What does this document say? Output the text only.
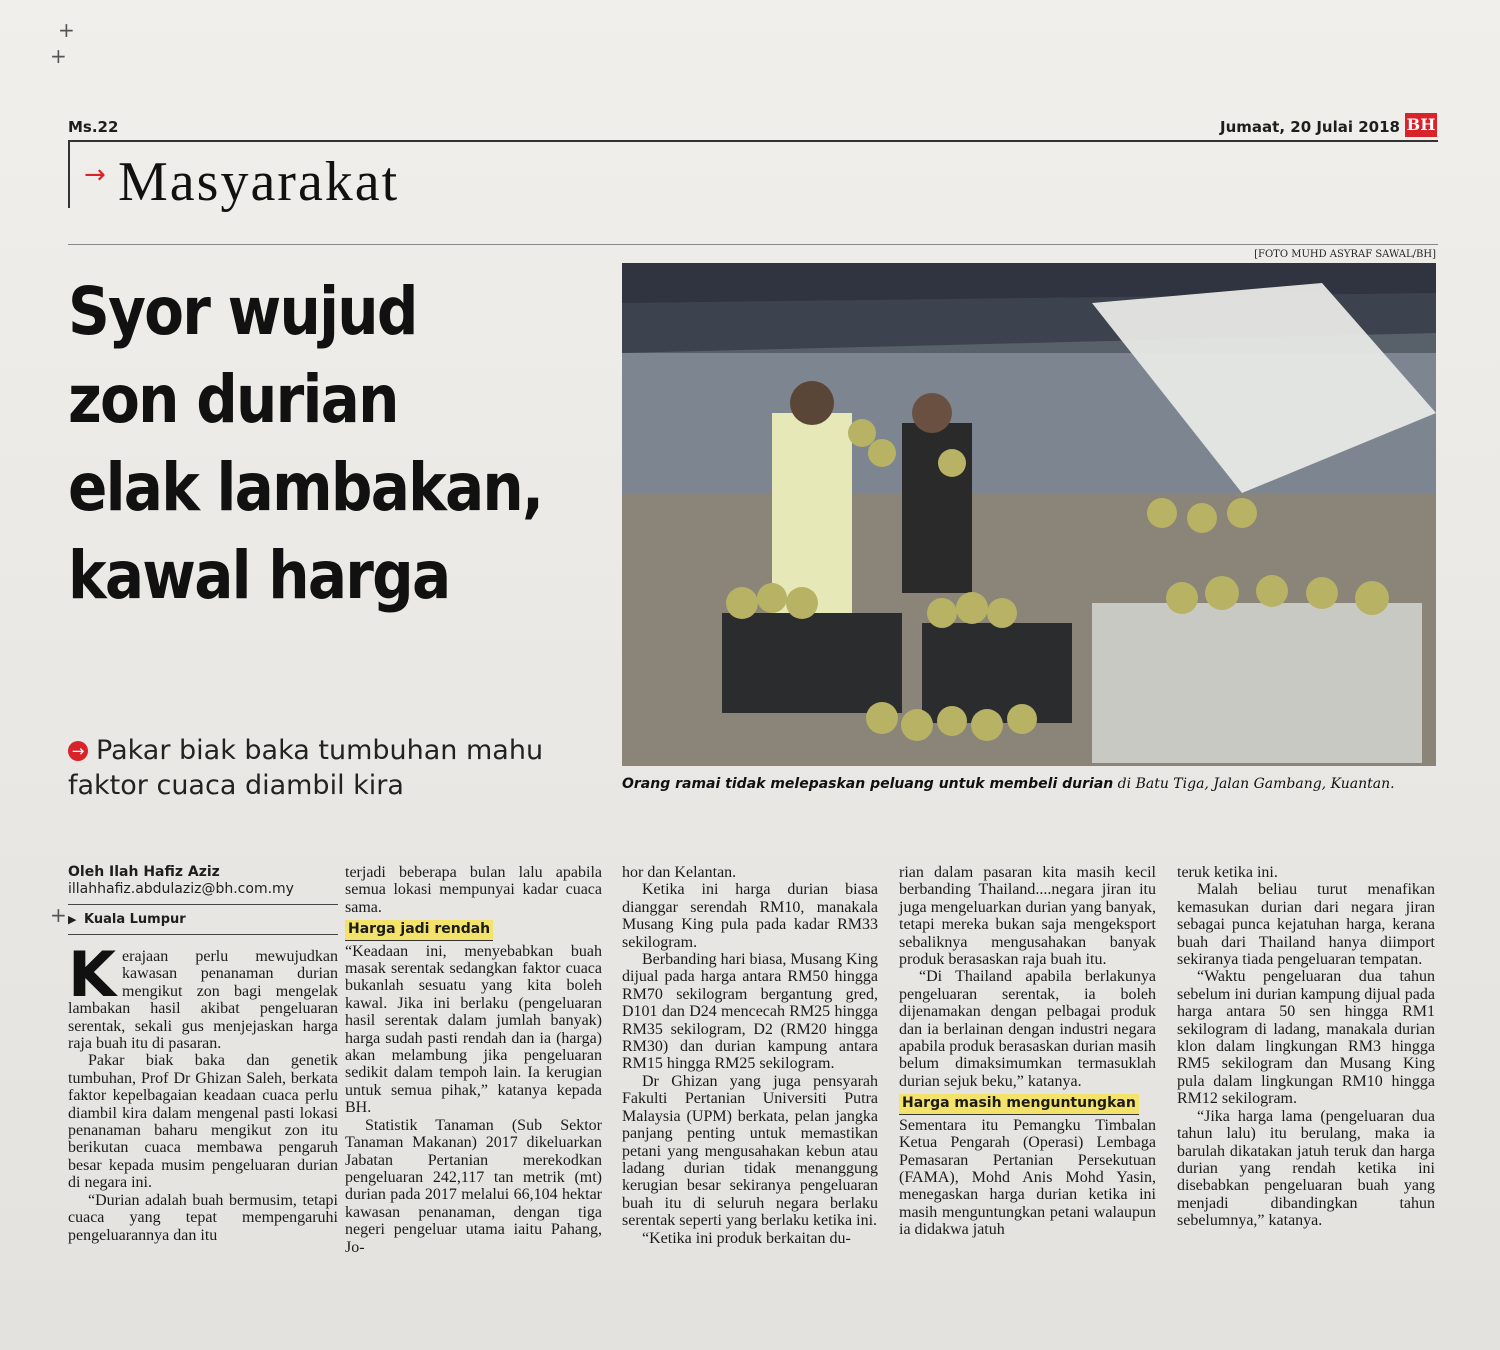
+
+
+
Ms.22	Jumaat, 20 Julai 2018 BH
→ Masyarakat
Syor wujud zon durian elak lambakan, kawal harga
[FOTO MUHD ASYRAF SAWAL/BH]
Orang ramai tidak melepaskan peluang untuk membeli durian di Batu Tiga, Jalan Gambang, Kuantan.
→ Pakar biak baka tumbuhan mahu faktor cuaca diambil kira
Oleh Ilah Hafiz Aziz
illahhafiz.abdulaziz@bh.com.my
▶ Kuala Lumpur

Kerajaan perlu mewujudkan kawasan penanaman durian mengikut zon bagi mengelak lambakan hasil akibat pengeluaran serentak, sekali gus menjejaskan harga raja buah itu di pasaran.

Pakar biak baka dan genetik tumbuhan, Prof Dr Ghizan Saleh, berkata faktor kepelbagaian keadaan cuaca perlu diambil kira dalam mengenal pasti lokasi penanaman baharu mengikut zon itu berikutan cuaca membawa pengaruh besar kepada musim pengeluaran durian di negara ini.

“Durian adalah buah bermusim, tetapi cuaca yang tepat mempengaruhi pengeluarannya dan itu

terjadi beberapa bulan lalu apabila semua lokasi mempunyai kadar cuaca sama.

Harga jadi rendah

“Keadaan ini, menyebabkan buah masak serentak sedangkan faktor cuaca bukanlah sesuatu yang kita boleh kawal. Jika ini berlaku (pengeluaran hasil serentak dalam jumlah banyak) harga sudah pasti rendah dan ia (harga) akan melambung jika pengeluaran sedikit dalam tempoh lain. Ia kerugian untuk semua pihak,” katanya kepada BH.

Statistik Tanaman (Sub Sektor Tanaman Makanan) 2017 dikeluarkan Jabatan Pertanian merekodkan pengeluaran 242,117 tan metrik (mt) durian pada 2017 melalui 66,104 hektar kawasan penanaman, dengan tiga negeri pengeluar utama iaitu Pahang, Jo-

hor dan Kelantan.

Ketika ini harga durian biasa dianggar serendah RM10, manakala Musang King pula pada kadar RM33 sekilogram.

Berbanding hari biasa, Musang King dijual pada harga antara RM50 hingga RM70 sekilogram bergantung gred, D101 dan D24 mencecah RM25 hingga RM35 sekilogram, D2 (RM20 hingga RM30) dan durian kampung antara RM15 hingga RM25 sekilogram.

Dr Ghizan yang juga pensyarah Fakulti Pertanian Universiti Putra Malaysia (UPM) berkata, pelan jangka panjang penting untuk memastikan petani yang mengusahakan kebun atau ladang durian tidak menanggung kerugian besar sekiranya pengeluaran buah itu di seluruh negara berlaku serentak seperti yang berlaku ketika ini.

“Ketika ini produk berkaitan du-

rian dalam pasaran kita masih kecil berbanding Thailand....negara jiran itu juga mengeluarkan durian yang banyak, tetapi mereka bukan saja mengeksport sebaliknya mengusahakan banyak produk berasaskan raja buah itu.

“Di Thailand apabila berlakunya pengeluaran serentak, ia boleh dijenamakan dengan pelbagai produk dan ia berlainan dengan industri negara apabila produk berasaskan durian masih belum dimaksimumkan termasuklah durian sejuk beku,” katanya.

Harga masih menguntungkan

Sementara itu Pemangku Timbalan Ketua Pengarah (Operasi) Lembaga Pemasaran Pertanian Persekutuan (FAMA), Mohd Anis Mohd Yasin, menegaskan harga durian ketika ini masih menguntungkan petani walaupun ia didakwa jatuh

teruk ketika ini.

Malah beliau turut menafikan kemasukan durian dari negara jiran sebagai punca kejatuhan harga, kerana buah dari Thailand hanya diimport sekiranya tiada pengeluaran tempatan.

“Waktu pengeluaran dua tahun sebelum ini durian kampung dijual pada harga antara 50 sen hingga RM1 sekilogram di ladang, manakala durian klon dalam lingkungan RM3 hingga RM5 sekilogram dan Musang King pula dalam lingkungan RM10 hingga RM12 sekilogram.

“Jika harga lama (pengeluaran dua tahun lalu) itu berulang, maka ia barulah dikatakan jatuh teruk dan harga durian yang rendah ketika ini disebabkan pengeluaran buah yang menjadi dibandingkan tahun sebelumnya,” katanya.
